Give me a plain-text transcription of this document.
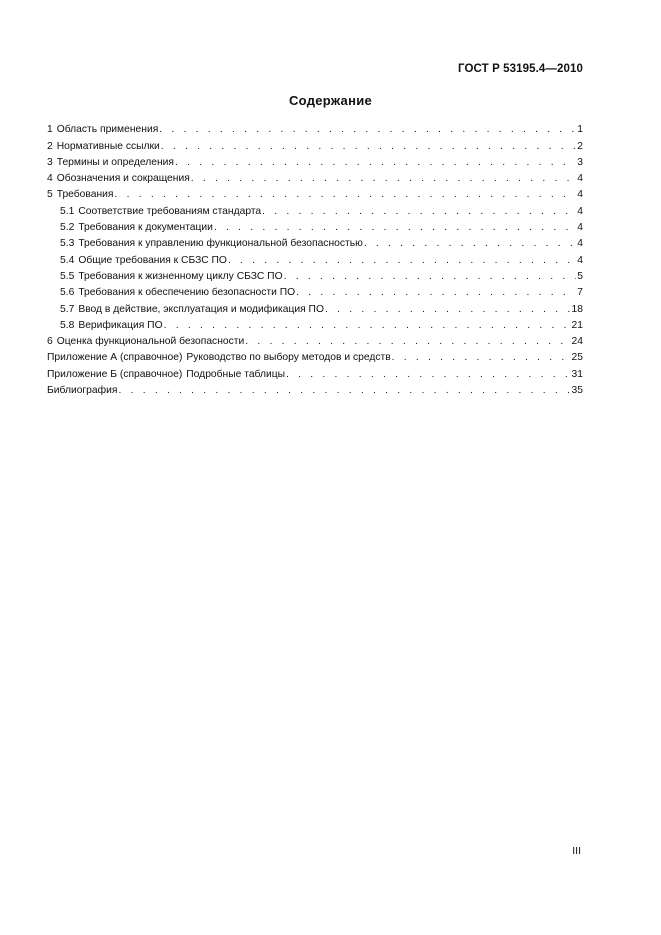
ГОСТ Р 53195.4—2010
Содержание
1 Область применения . . .	1
2 Нормативные ссылки . . .	2
3 Термины и определения . . .	3
4 Обозначения и сокращения . . .	4
5 Требования . . .	4
5.1 Соответствие требованиям стандарта . . .	4
5.2 Требования к документации . . .	4
5.3 Требования к управлению функциональной безопасностью . . .	4
5.4 Общие требования к СБЗС ПО . . .	4
5.5 Требования к жизненному циклу СБЗС ПО . . .	5
5.6 Требования к обеспечению безопасности ПО . . .	7
5.7 Ввод в действие, эксплуатация и модификация ПО . . .	18
5.8 Верификация ПО . . .	21
6 Оценка функциональной безопасности . . .	24
Приложение А (справочное) Руководство по выбору методов и средств . . .	25
Приложение Б (справочное) Подробные таблицы . . .	31
Библиография . . .	35
III
